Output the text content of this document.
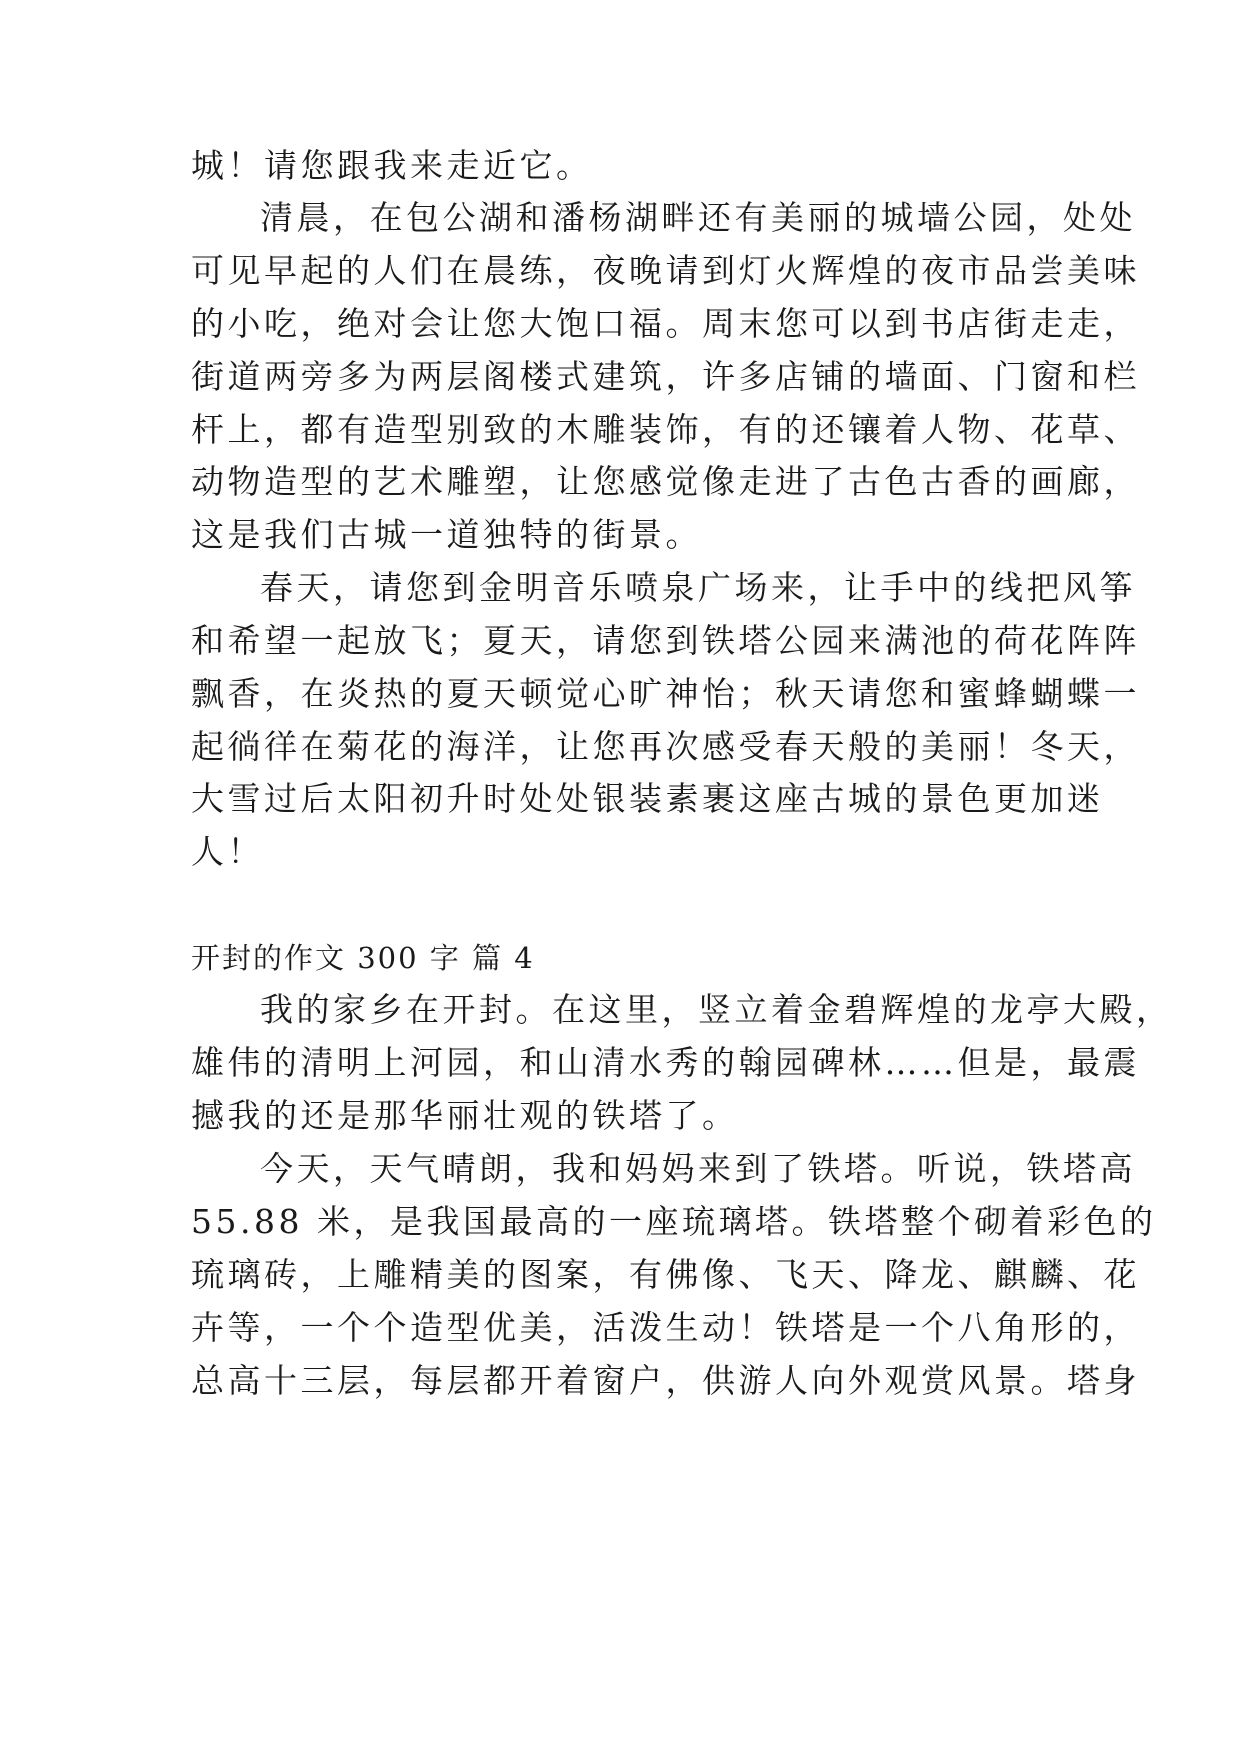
城！请您跟我来走近它。
清晨，在包公湖和潘杨湖畔还有美丽的城墙公园，处处
可见早起的人们在晨练，夜晚请到灯火辉煌的夜市品尝美味
的小吃，绝对会让您大饱口福。周末您可以到书店街走走，
街道两旁多为两层阁楼式建筑，许多店铺的墙面、门窗和栏
杆上，都有造型别致的木雕装饰，有的还镶着人物、花草、
动物造型的艺术雕塑，让您感觉像走进了古色古香的画廊，
这是我们古城一道独特的街景。
春天，请您到金明音乐喷泉广场来，让手中的线把风筝
和希望一起放飞；夏天，请您到铁塔公园来满池的荷花阵阵
飘香，在炎热的夏天顿觉心旷神怡；秋天请您和蜜蜂蝴蝶一
起徜徉在菊花的海洋，让您再次感受春天般的美丽！冬天，
大雪过后太阳初升时处处银装素裹这座古城的景色更加迷
人！
开封的作文 300 字 篇 4
我的家乡在开封。在这里，竖立着金碧辉煌的龙亭大殿，
雄伟的清明上河园，和山清水秀的翰园碑林……但是，最震
撼我的还是那华丽壮观的铁塔了。
今天，天气晴朗，我和妈妈来到了铁塔。听说，铁塔高
55.88 米，是我国最高的一座琉璃塔。铁塔整个砌着彩色的
琉璃砖，上雕精美的图案，有佛像、飞天、降龙、麒麟、花
卉等，一个个造型优美，活泼生动！铁塔是一个八角形的，
总高十三层，每层都开着窗户，供游人向外观赏风景。塔身
